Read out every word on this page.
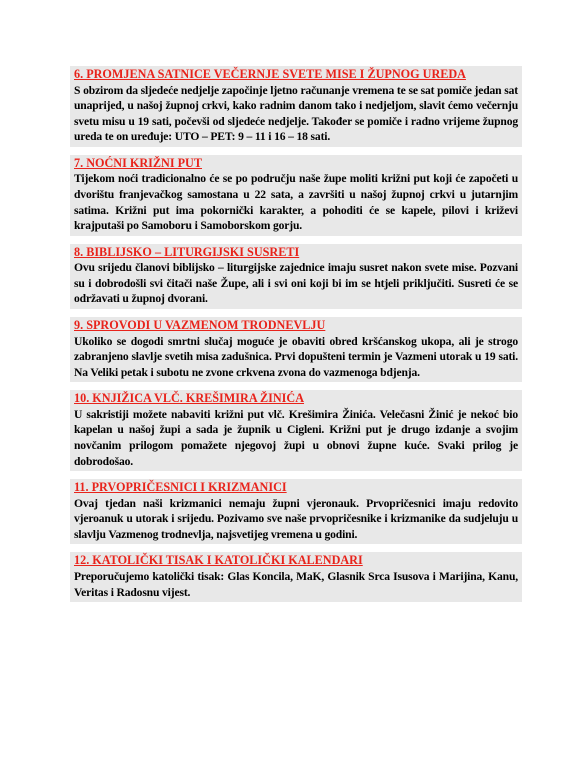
6. PROMJENA SATNICE VEČERNJE SVETE MISE I ŽUPNOG UREDA
S obzirom da sljedeće nedjelje započinje ljetno računanje vremena te se sat pomiče jedan sat unaprijed, u našoj župnoj crkvi, kako radnim danom tako i nedjeljom, slavit ćemo večernju svetu misu u 19 sati, počevši od sljedeće nedjelje. Također se pomiče i radno vrijeme župnog ureda te on uređuje: UTO – PET: 9 – 11 i 16 – 18 sati.
7. NOĆNI KRIŽNI PUT
Tijekom noći tradicionalno će se po području naše župe moliti križni put koji će započeti u dvorištu franjevačkog samostana u 22 sata, a završiti u našoj župnoj crkvi u jutarnjim satima. Križni put ima pokornički karakter, a pohoditi će se kapele, pilovi i križevi krajputaši po Samoboru i Samoborskom gorju.
8. BIBLIJSKO – LITURGIJSKI SUSRETI
Ovu srijedu članovi biblijsko – liturgijske zajednice imaju susret nakon svete mise. Pozvani su i dobrodošli svi čitači naše Župe, ali i svi oni koji bi im se htjeli priključiti. Susreti će se održavati u župnoj dvorani.
9. SPROVODI U VAZMENOM TRODNEVLJU
Ukoliko se dogodi smrtni slučaj moguće je obaviti obred kršćanskog ukopa, ali je strogo zabranjeno slavlje svetih misa zadušnica. Prvi dopušteni termin je Vazmeni utorak u 19 sati. Na Veliki petak i subotu ne zvone crkvena zvona do vazmenoga bdjenja.
10. KNJIŽICA VLČ. KREŠIMIRA ŽINIĆA
U sakristiji možete nabaviti križni put vlč. Krešimira Žinića. Velečasni Žinić je nekoć bio kapelan u našoj župi a sada je župnik u Cigleni. Križni put je drugo izdanje a svojim novčanim prilogom pomažete njegovoj župi u obnovi župne kuće. Svaki prilog je dobrodošao.
11. PRVOPRIČESNICI I KRIZMANICI
Ovaj tjedan naši krizmanici nemaju župni vjeronauk. Prvopričesnici imaju redovito vjeroanuk u utorak i srijedu. Pozivamo sve naše prvopričesnike i krizmanike da sudjeluju u slavlju Vazmenog trodnevlja, najsvetijeg vremena u godini.
12. KATOLIČKI TISAK I KATOLIČKI KALENDARI
Preporučujemo katolički tisak: Glas Koncila, MaK, Glasnik Srca Isusova i Marijina, Kanu, Veritas i Radosnu vijest.
